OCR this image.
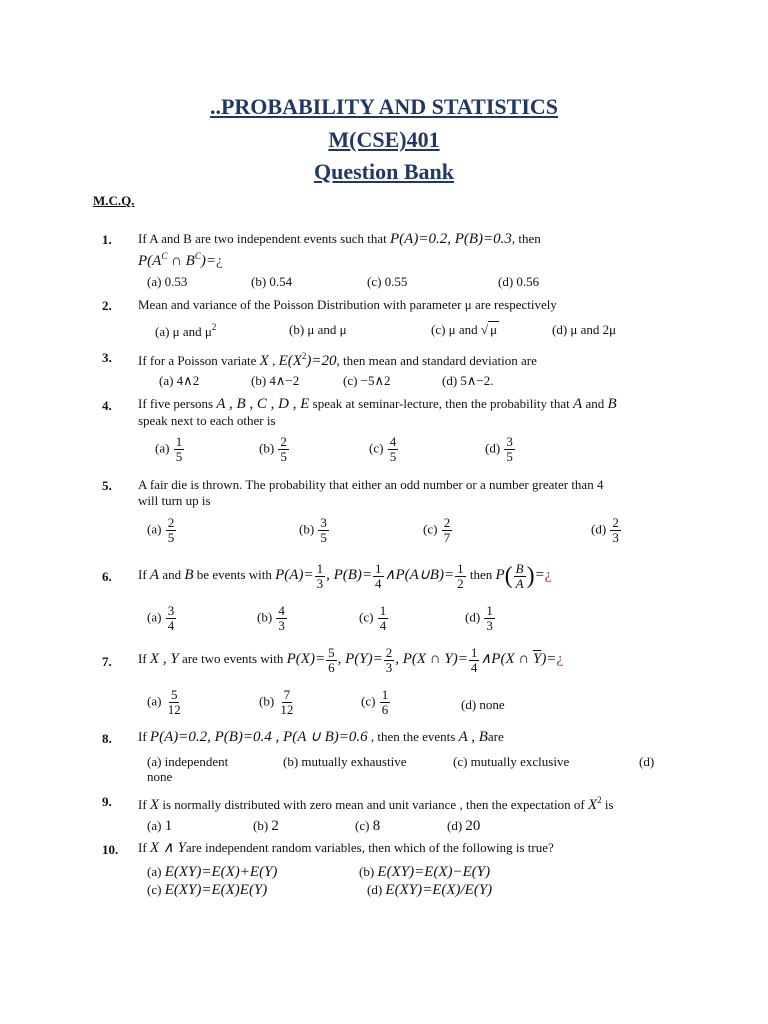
..PROBABILITY AND STATISTICS
M(CSE)401
Question Bank
M.C.Q.
1. If A and B are two independent events such that P(A)=0.2, P(B)=0.3, then
$P(A^C$ ∩ $B^C)=¿$
(a) 0.53	(b) 0.54	(c) 0.55	(d) 0.56
2. Mean and variance of the Poisson Distribution with parameter μ are respectively
(a) μ and $\mu^2$	(b) μ and μ	(c) μ and √ μ	(d) μ and 2μ
3. If for a Poisson variate X , $E(X^2)=20$, then mean and standard deviation are
(a) 4∧2	(b) 4∧−2	(c) −5∧2	(d) 5∧−2.
4. If five persons A , B , C , D , E speak at seminar-lecture, then the probability that A and B
speak next to each other is
$(a) \frac{1}{5}$	$(b) \frac{2}{5}$	$(c) \frac{4}{5}$	$(d) \frac{3}{5}$
5. A fair die is thrown. The probability that either an odd number or a number greater than 4
will turn up is
$(a) \frac{2}{5}$	$(b) \frac{3}{5}$	$(c) \frac{2}{7}$	$(d) \frac{2}{3}$
6. If A and B be events with $P(A)= \frac{1}{3}$ , $P(B)= \frac{1}{4}$ ∧P(A∪B)= $\frac{1}{2}$ then $P( \frac{B}{A}$ )=¿
$(a) \frac{3}{4}$	$(b) \frac{4}{3}$	$(c) \frac{1}{4}$	$(d) \frac{1}{3}$
7. If X , Y are two events with $P(X)= \frac{5}{6}$ , $P(Y)= \frac{2}{3}$ , P(X ∩ $Y)= \frac{1}{4}$ ∧P(X ∩ $\overline{Y})=¿$
$(a) \frac{5}{12}$	$(b) \frac{7}{12}$	$(c) \frac{1}{6}$	(d) none
8. If P(A)=0.2, P(B)=0.4 , P(A ∪ B)=0.6 , then the events A , Bare
(a) independent	(b) mutually exhaustive	(c) mutually exclusive	(d)
none
9. If X is normally distributed with zero mean and unit variance , then the expectation of $X^2$ is
(a) 1	(b) 2	(c) 8	(d) 20
10. If X ∧ Yare independent random variables, then which of the following is true?
(a) E(XY)=E(X)+E(Y)	(b) E(XY)=E(X)−E(Y)
(c) E(XY)=E(X)E(Y)	(d) E(XY)=E(X)/E(Y)
